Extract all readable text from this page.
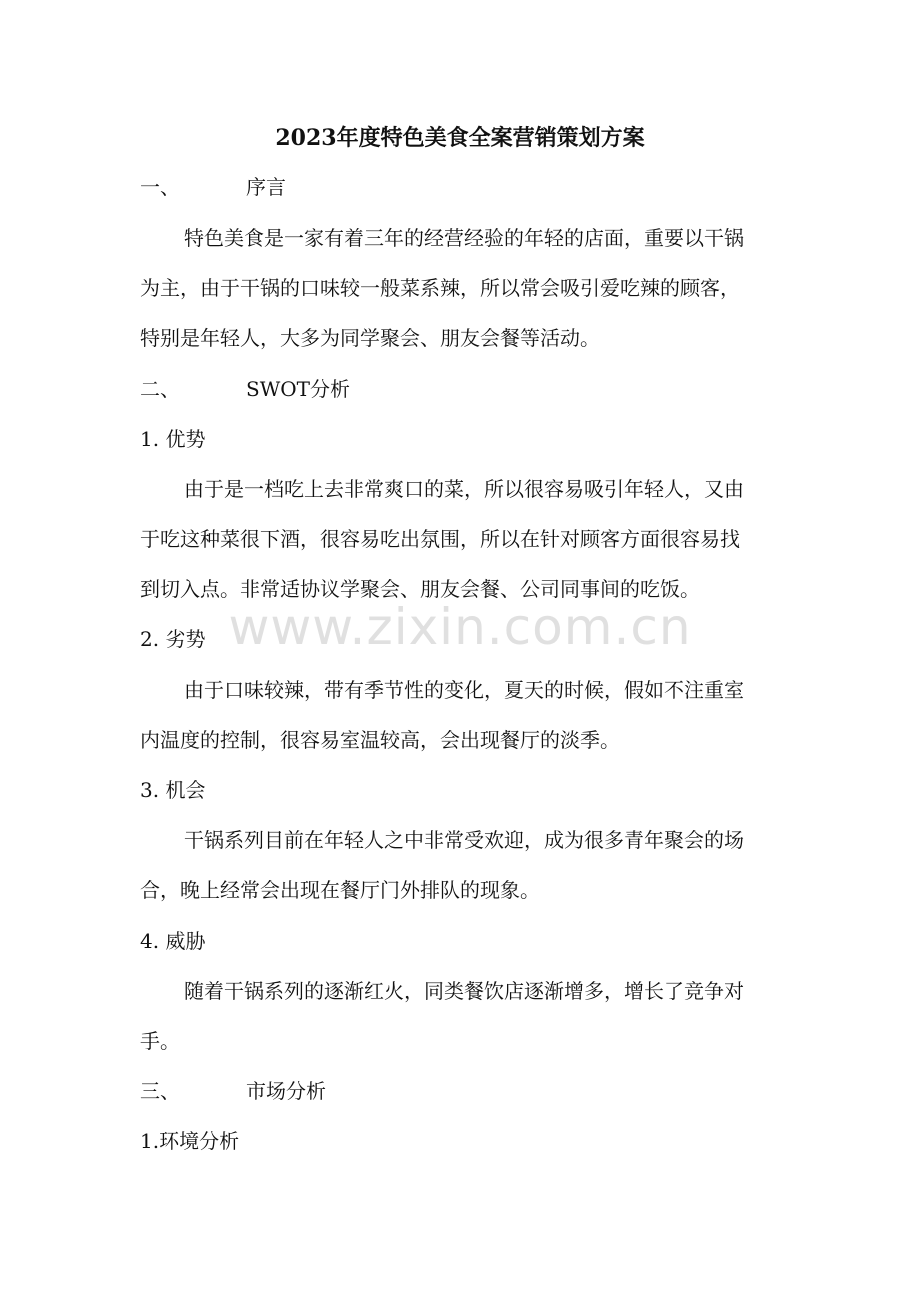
www.zixin.com.cn
2023年度特色美食全案营销策划方案
一、	序言
特色美食是一家有着三年的经营经验的年轻的店面，重要以干锅
为主，由于干锅的口味较一般菜系辣，所以常会吸引爱吃辣的顾客，
特别是年轻人，大多为同学聚会、朋友会餐等活动。
二、	SWOT分析
1. 优势
由于是一档吃上去非常爽口的菜，所以很容易吸引年轻人，又由
于吃这种菜很下酒，很容易吃出氛围，所以在针对顾客方面很容易找
到切入点。非常适协议学聚会、朋友会餐、公司同事间的吃饭。
2. 劣势
由于口味较辣，带有季节性的变化，夏天的时候，假如不注重室
内温度的控制，很容易室温较高，会出现餐厅的淡季。
3. 机会
干锅系列目前在年轻人之中非常受欢迎，成为很多青年聚会的场
合，晚上经常会出现在餐厅门外排队的现象。
4. 威胁
随着干锅系列的逐渐红火，同类餐饮店逐渐增多，增长了竞争对
手。
三、	市场分析
1.环境分析
